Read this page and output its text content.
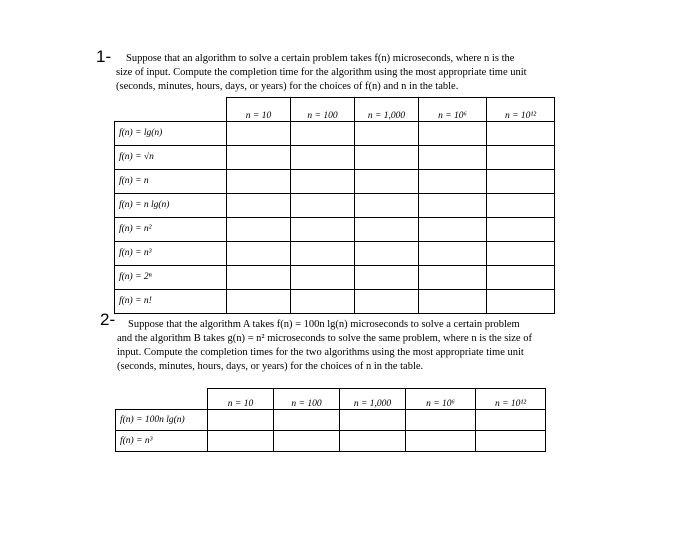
1- Suppose that an algorithm to solve a certain problem takes f(n) microseconds, where n is the
size of input. Compute the completion time for the algorithm using the most appropriate time unit
(seconds, minutes, hours, days, or years) for the choices of f(n) and n in the table.
	n = 10	n = 100	n = 1,000	n = 10⁶	n = 10¹²
f(n) = lg(n)					
f(n) = √n					
f(n) = n					
f(n) = n lg(n)					
f(n) = n²					
f(n) = n³					
f(n) = 2ⁿ					
f(n) = n!					
2- Suppose that the algorithm A takes f(n) = 100n lg(n) microseconds to solve a certain problem
and the algorithm B takes g(n) = n² microseconds to solve the same problem, where n is the size of
input. Compute the completion times for the two algorithms using the most appropriate time unit
(seconds, minutes, hours, days, or years) for the choices of n in the table.
	n = 10	n = 100	n = 1,000	n = 10⁶	n = 10¹²
f(n) = 100n lg(n)					
f(n) = n³					
